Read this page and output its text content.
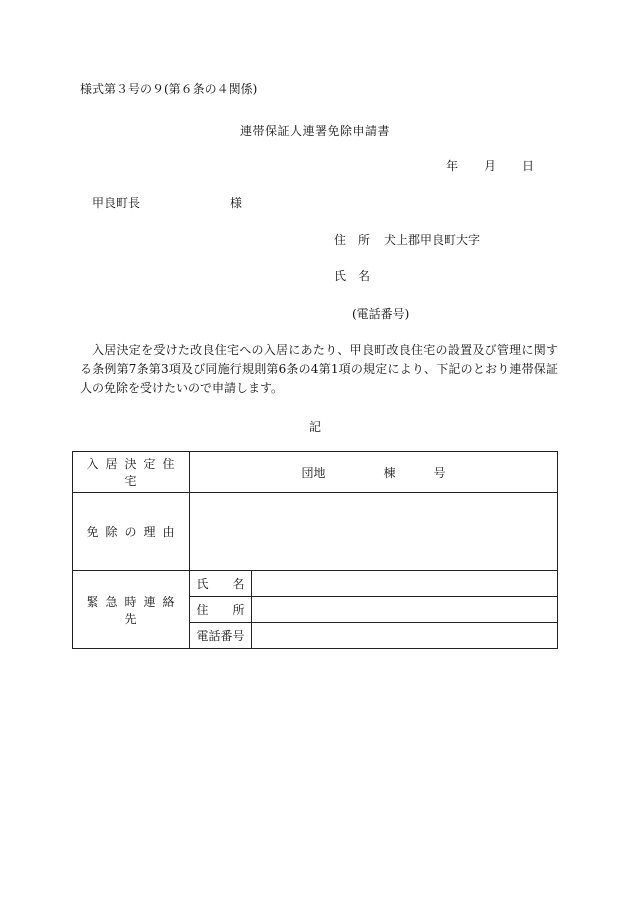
様式第３号の９(第６条の４関係)
連帯保証人連署免除申請書
年 月 日
甲良町長	様
住　所 犬上郡甲良町大字
氏　名
(電話番号)
入居決定を受けた改良住宅への入居にあたり、甲良町改良住宅の設置及び管理に関する条例第7条第3項及び同施行規則第6条の4第1項の規定により、下記のとおり連帯保証人の免除を受けたいので申請します。
記
入居決定住宅	団地 棟 号	
免除の理由		
緊急時連絡先	氏　　名	
	住　　所	
	電話番号	
